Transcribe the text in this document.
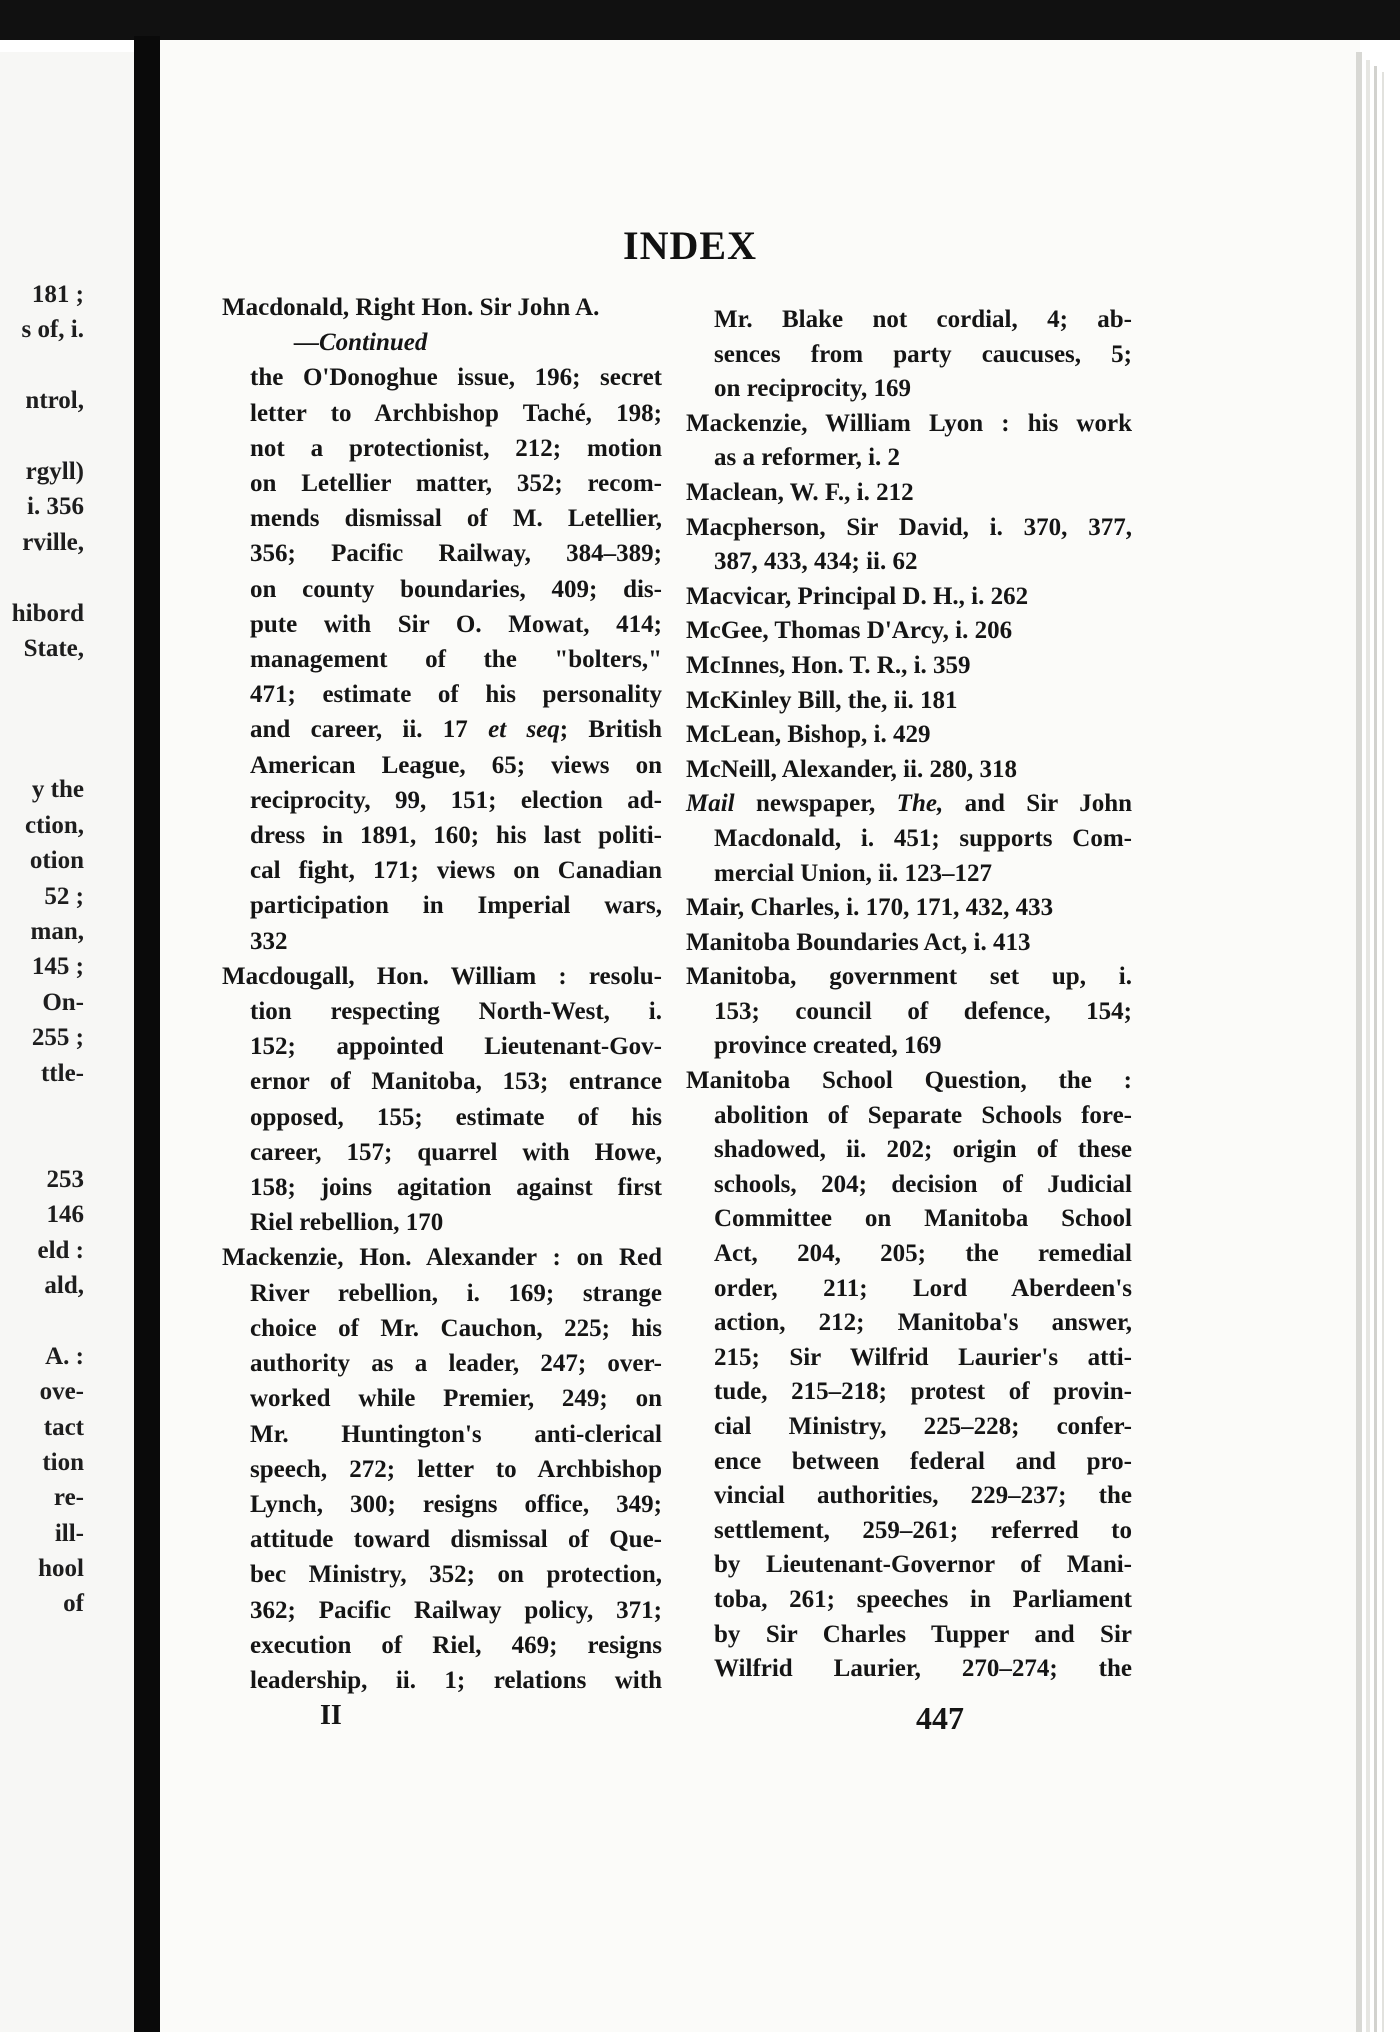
181 ;
s of, i.
ntrol,
rgyll)
i. 356
rville,
hibord
State,
y the
ction,
otion
52 ;
man,
145 ;
On-
255 ;
ttle-
253
146
eld :
ald,
A. :
ove-
tact
tion
re-
ill-
hool
of
INDEX
Macdonald, Right Hon. Sir John A.
—Continued
the O'Donoghue issue, 196; secret
letter to Archbishop Taché, 198;
not a protectionist, 212; motion
on Letellier matter, 352; recom-
mends dismissal of M. Letellier,
356; Pacific Railway, 384–389;
on county boundaries, 409; dis-
pute with Sir O. Mowat, 414;
management of the "bolters,"
471; estimate of his personality
and career, ii. 17 et seq; British
American League, 65; views on
reciprocity, 99, 151; election ad-
dress in 1891, 160; his last politi-
cal fight, 171; views on Canadian
participation in Imperial wars,
332
Macdougall, Hon. William : resolu-
tion respecting North-West, i.
152; appointed Lieutenant-Gov-
ernor of Manitoba, 153; entrance
opposed, 155; estimate of his
career, 157; quarrel with Howe,
158; joins agitation against first
Riel rebellion, 170
Mackenzie, Hon. Alexander : on Red
River rebellion, i. 169; strange
choice of Mr. Cauchon, 225; his
authority as a leader, 247; over-
worked while Premier, 249; on
Mr. Huntington's anti-clerical
speech, 272; letter to Archbishop
Lynch, 300; resigns office, 349;
attitude toward dismissal of Que-
bec Ministry, 352; on protection,
362; Pacific Railway policy, 371;
execution of Riel, 469; resigns
leadership, ii. 1; relations with
Mr. Blake not cordial, 4; ab-
sences from party caucuses, 5;
on reciprocity, 169
Mackenzie, William Lyon : his work
as a reformer, i. 2
Maclean, W. F., i. 212
Macpherson, Sir David, i. 370, 377,
387, 433, 434; ii. 62
Macvicar, Principal D. H., i. 262
McGee, Thomas D'Arcy, i. 206
McInnes, Hon. T. R., i. 359
McKinley Bill, the, ii. 181
McLean, Bishop, i. 429
McNeill, Alexander, ii. 280, 318
Mail newspaper, The, and Sir John
Macdonald, i. 451; supports Com-
mercial Union, ii. 123–127
Mair, Charles, i. 170, 171, 432, 433
Manitoba Boundaries Act, i. 413
Manitoba, government set up, i.
153; council of defence, 154;
province created, 169
Manitoba School Question, the :
abolition of Separate Schools fore-
shadowed, ii. 202; origin of these
schools, 204; decision of Judicial
Committee on Manitoba School
Act, 204, 205; the remedial
order, 211; Lord Aberdeen's
action, 212; Manitoba's answer,
215; Sir Wilfrid Laurier's atti-
tude, 215–218; protest of provin-
cial Ministry, 225–228; confer-
ence between federal and pro-
vincial authorities, 229–237; the
settlement, 259–261; referred to
by Lieutenant-Governor of Mani-
toba, 261; speeches in Parliament
by Sir Charles Tupper and Sir
Wilfrid Laurier, 270–274; the
II	447
